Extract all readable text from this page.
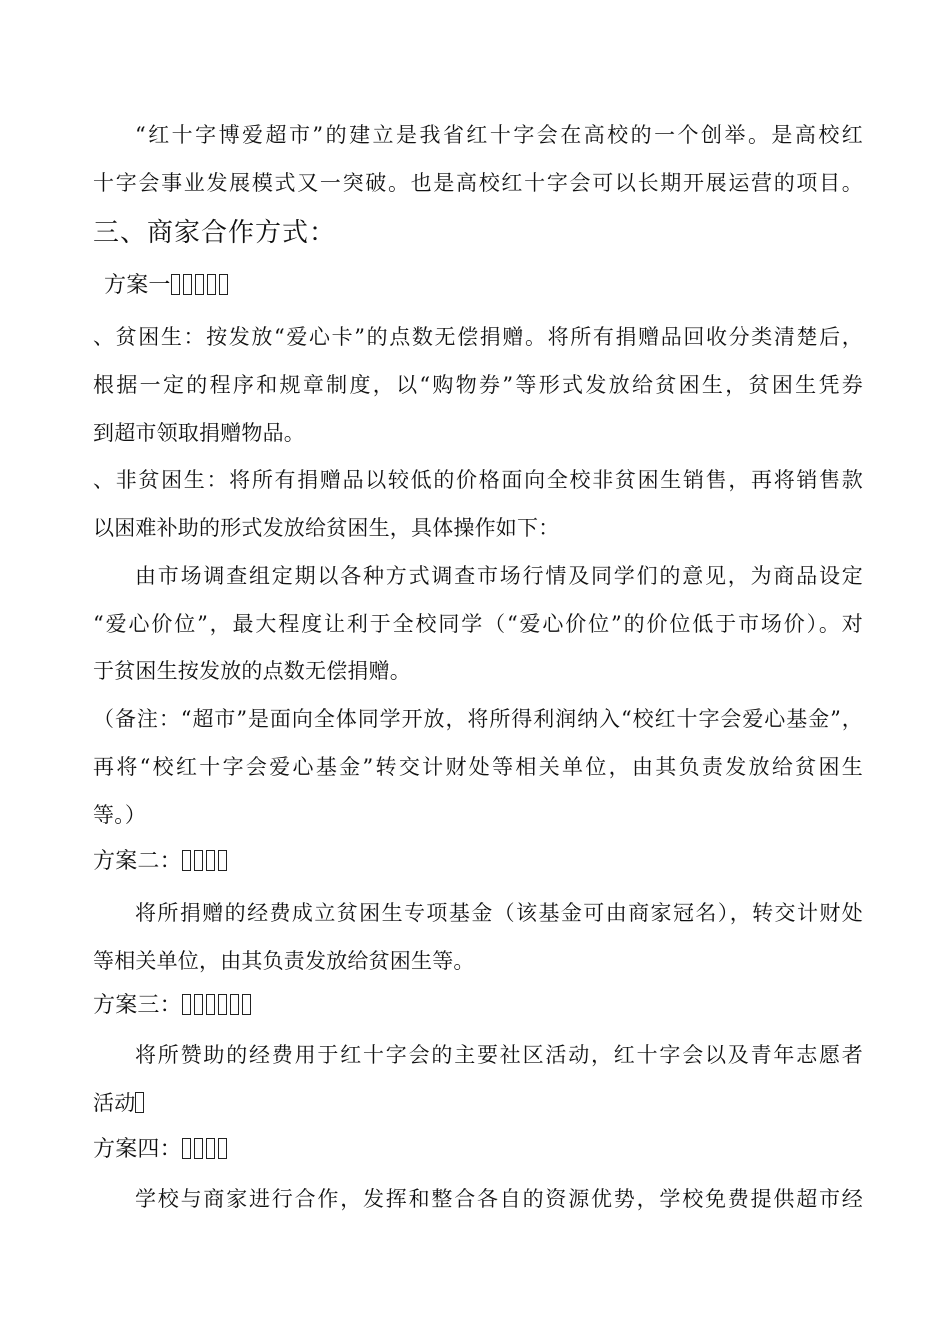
“红十字博爱超市”的建立是我省红十字会在高校的一个创举。是高校红
十字会事业发展模式又一突破。也是高校红十字会可以长期开展运营的项目。
三、商家合作方式：
方案一
、贫困生：按发放“爱心卡”的点数无偿捐赠。将所有捐赠品回收分类清楚后，
根据一定的程序和规章制度，以“购物券”等形式发放给贫困生，贫困生凭券
到超市领取捐赠物品。
、非贫困生：将所有捐赠品以较低的价格面向全校非贫困生销售，再将销售款
以困难补助的形式发放给贫困生，具体操作如下：
由市场调查组定期以各种方式调查市场行情及同学们的意见，为商品设定
“爱心价位”，最大程度让利于全校同学（“爱心价位”的价位低于市场价）。对
于贫困生按发放的点数无偿捐赠。
（备注：“超市”是面向全体同学开放，将所得利润纳入“校红十字会爱心基金”，
再将“校红十字会爱心基金”转交计财处等相关单位，由其负责发放给贫困生
等。）
方案二：
将所捐赠的经费成立贫困生专项基金（该基金可由商家冠名），转交计财处
等相关单位，由其负责发放给贫困生等。
方案三：
将所赞助的经费用于红十字会的主要社区活动，红十字会以及青年志愿者
活动
方案四：
学校与商家进行合作，发挥和整合各自的资源优势，学校免费提供超市经
